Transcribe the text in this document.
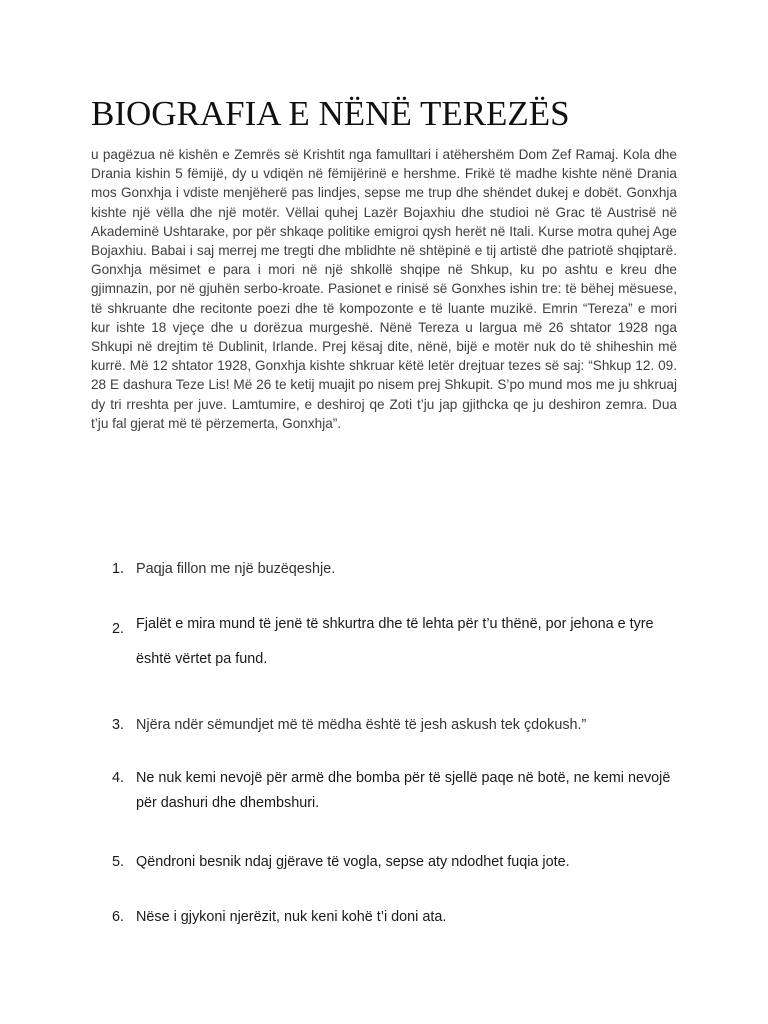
BIOGRAFIA E NËNË TEREZËS

u pagëzua në kishën e Zemrës së Krishtit nga famulltari i atëhershëm Dom Zef Ramaj. Kola dhe Drania kishin 5 fëmijë, dy u vdiqën në fëmijërinë e hershme. Frikë të madhe kishte nënë Drania mos Gonxhja i vdiste menjëherë pas lindjes, sepse me trup dhe shëndet dukej e dobët. Gonxhja kishte një vëlla dhe një motër. Vëllai quhej Lazër Bojaxhiu dhe studioi në Grac të Austrisë në Akademinë Ushtarake, por për shkaqe politike emigroi qysh herët në Itali. Kurse motra quhej Age Bojaxhiu. Babai i saj merrej me tregti dhe mblidhte në shtëpinë e tij artistë dhe patriotë shqiptarë. Gonxhja mësimet e para i mori në një shkollë shqipe në Shkup, ku po ashtu e kreu dhe gjimnazin, por në gjuhën serbo-kroate. Pasionet e rinisë së Gonxhes ishin tre: të bëhej mësuese, të shkruante dhe recitonte poezi dhe të kompozonte e të luante muzikë. Emrin “Tereza” e mori kur ishte 18 vjeçe dhe u dorëzua murgeshë. Nënë Tereza u largua më 26 shtator 1928 nga Shkupi në drejtim të Dublinit, Irlande. Prej kësaj dite, nënë, bijë e motër nuk do të shiheshin më kurrë. Më 12 shtator 1928, Gonxhja kishte shkruar këtë letër drejtuar tezes së saj: “Shkup 12. 09. 28 E dashura Teze Lis! Më 26 te ketij muajit po nisem prej Shkupit. S’po mund mos me ju shkruaj dy tri rreshta per juve. Lamtumire, e deshiroj qe Zoti t’ju jap gjithcka qe ju deshiron zemra. Dua t’ju fal gjerat më të përzemerta, Gonxhja”.

1. Paqja fillon me një buzëqeshje.
2. Fjalët e mira mund të jenë të shkurtra dhe të lehta për t’u thënë, por jehona e tyre është vërtet pa fund.
3. Njëra ndër sëmundjet më të mëdha është të jesh askush tek çdokush.”
4. Ne nuk kemi nevojë për armë dhe bomba për të sjellë paqe në botë, ne kemi nevojë për dashuri dhe dhembshuri.
5. Qëndroni besnik ndaj gjërave të vogla, sepse aty ndodhet fuqia jote.
6. Nëse i gjykoni njerëzit, nuk keni kohë t’i doni ata.
